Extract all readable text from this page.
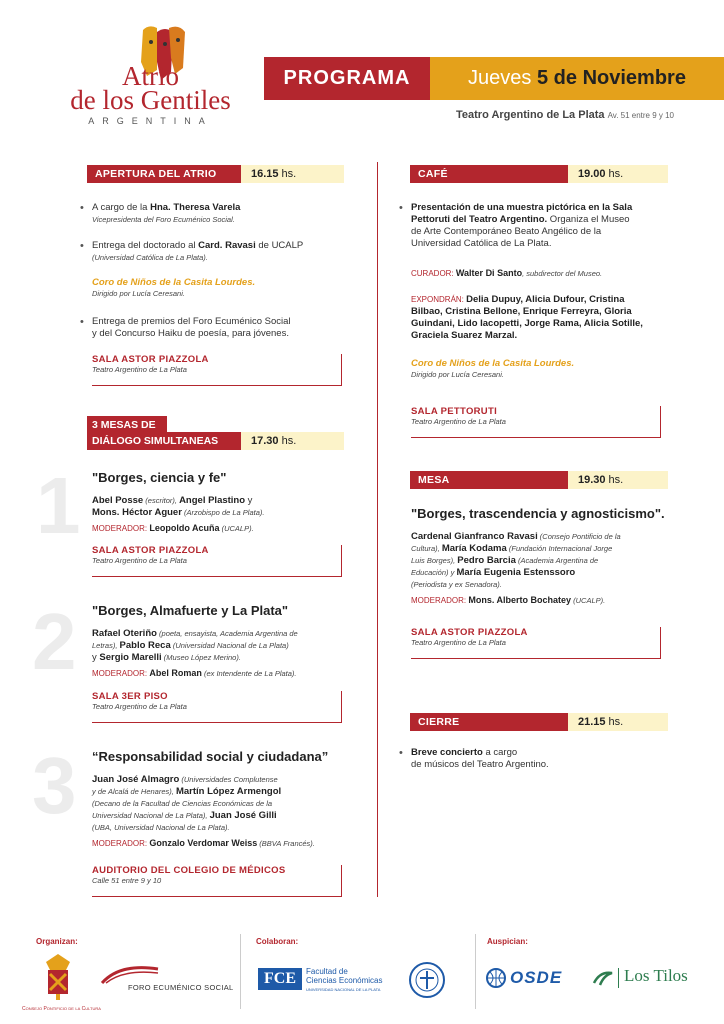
Atrio
de los Gentiles
ARGENTINA
PROGRAMA	Jueves
5
de Noviembre
Teatro Argentino de La Plata Av. 51 entre 9 y 10
APERTURA DEL ATRIO	16.15 hs.
• A cargo de la Hna. Theresa Varela
Vicepresidenta del Foro Ecuménico Social.
• Entrega del doctorado al Card. Ravasi de UCALP
(Universidad Católica de La Plata).
Coro de Niños de la Casita Lourdes.
Dirigido por Lucía Ceresani.
• Entrega de premios del Foro Ecuménico Social
y del Concurso Haiku de poesía, para jóvenes.
SALA ASTOR PIAZZOLA
Teatro Argentino de La Plata
3 MESAS DE
DIÁLOGO SIMULTANEAS	17.30 hs.
1 "Borges, ciencia y fe"
Abel Posse (escritor), Angel Plastino y
Mons. Héctor Aguer (Arzobispo de La Plata).
MODERADOR: Leopoldo Acuña (UCALP).
SALA ASTOR PIAZZOLA
Teatro Argentino de La Plata
2 "Borges, Almafuerte y La Plata"
Rafael Oteriño (poeta, ensayista, Academia Argentina de
Letras), Pablo Reca (Universidad Nacional de La Plata)
y Sergio Marelli (Museo López Merino).
MODERADOR: Abel Roman (ex Intendente de La Plata).
SALA 3ER PISO
Teatro Argentino de La Plata
3 “Responsabilidad social y ciudadana”
Juan José Almagro (Universidades Complutense
y de Alcalá de Henares), Martín López Armengol
(Decano de la Facultad de Ciencias Económicas de la
Universidad Nacional de La Plata), Juan José Gilli
(UBA, Universidad Nacional de La Plata).
MODERADOR: Gonzalo Verdomar Weiss (BBVA Francés).
AUDITORIO DEL COLEGIO DE MÉDICOS
Calle 51 entre 9 y 10
CAFÉ	19.00 hs.
• Presentación de una muestra pictórica en la Sala
Pettoruti del Teatro Argentino. Organiza el Museo
de Arte Contemporáneo Beato Angélico de la
Universidad Católica de La Plata.
CURADOR: Walter Di Santo, subdirector del Museo.
EXPONDRÁN: Delia Dupuy, Alicia Dufour, Cristina
Bilbao, Cristina Bellone, Enrique Ferreyra, Gloria
Guindani, Lido Iacopetti, Jorge Rama, Alicia Sotille,
Graciela Suarez Marzal.
Coro de Niños de la Casita Lourdes.
Dirigido por Lucía Ceresani.
SALA PETTORUTI
Teatro Argentino de La Plata
MESA	19.30 hs.
"Borges, trascendencia y agnosticismo".
Cardenal Gianfranco Ravasi (Consejo Pontificio de la
Cultura), María Kodama (Fundación Internacional Jorge
Luis Borges), Pedro Barcia (Academia Argentina de
Educación) y María Eugenia Estenssoro
(Periodista y ex Senadora).
MODERADOR: Mons. Alberto Bochatey (UCALP).
SALA ASTOR PIAZZOLA
Teatro Argentino de La Plata
CIERRE	21.15 hs.
• Breve concierto a cargo
de músicos del Teatro Argentino.
Organizan:
Consejo Pontificio de la Cultura
FORO ECUMÉNICO SOCIAL
Colaboran:
FCE	Facultad de
Ciencias Económicas
UNIVERSIDAD NACIONAL DE LA PLATA
Auspician:
OSDE	Los Tilos
